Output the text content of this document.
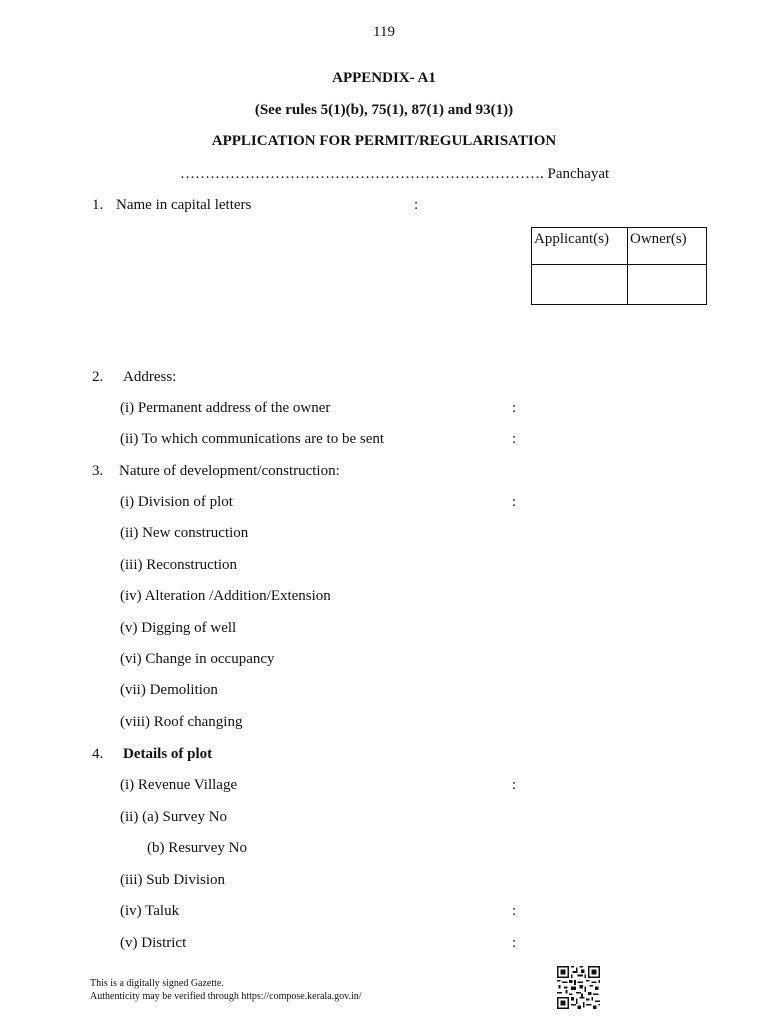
119
APPENDIX- A1
(See rules 5(1)(b), 75(1), 87(1) and 93(1))
APPLICATION FOR PERMIT/REGULARISATION
………………………………………………………………. Panchayat
1. Name in capital letters	:
Applicant(s)	Owner(s)

2. Address:
(i) Permanent address of the owner	:
(ii) To which communications are to be sent	:
3. Nature of development/construction:
(i) Division of plot	:
(ii) New construction
(iii) Reconstruction
(iv) Alteration /Addition/Extension
(v) Digging of well
(vi) Change in occupancy
(vii) Demolition
(viii) Roof changing
4. Details of plot
(i) Revenue Village	:
(ii) (a) Survey No
(b) Resurvey No
(iii) Sub Division
(iv) Taluk	:
(v) District	:
This is a digitally signed Gazette.
Authenticity may be verified through https://compose.kerala.gov.in/
